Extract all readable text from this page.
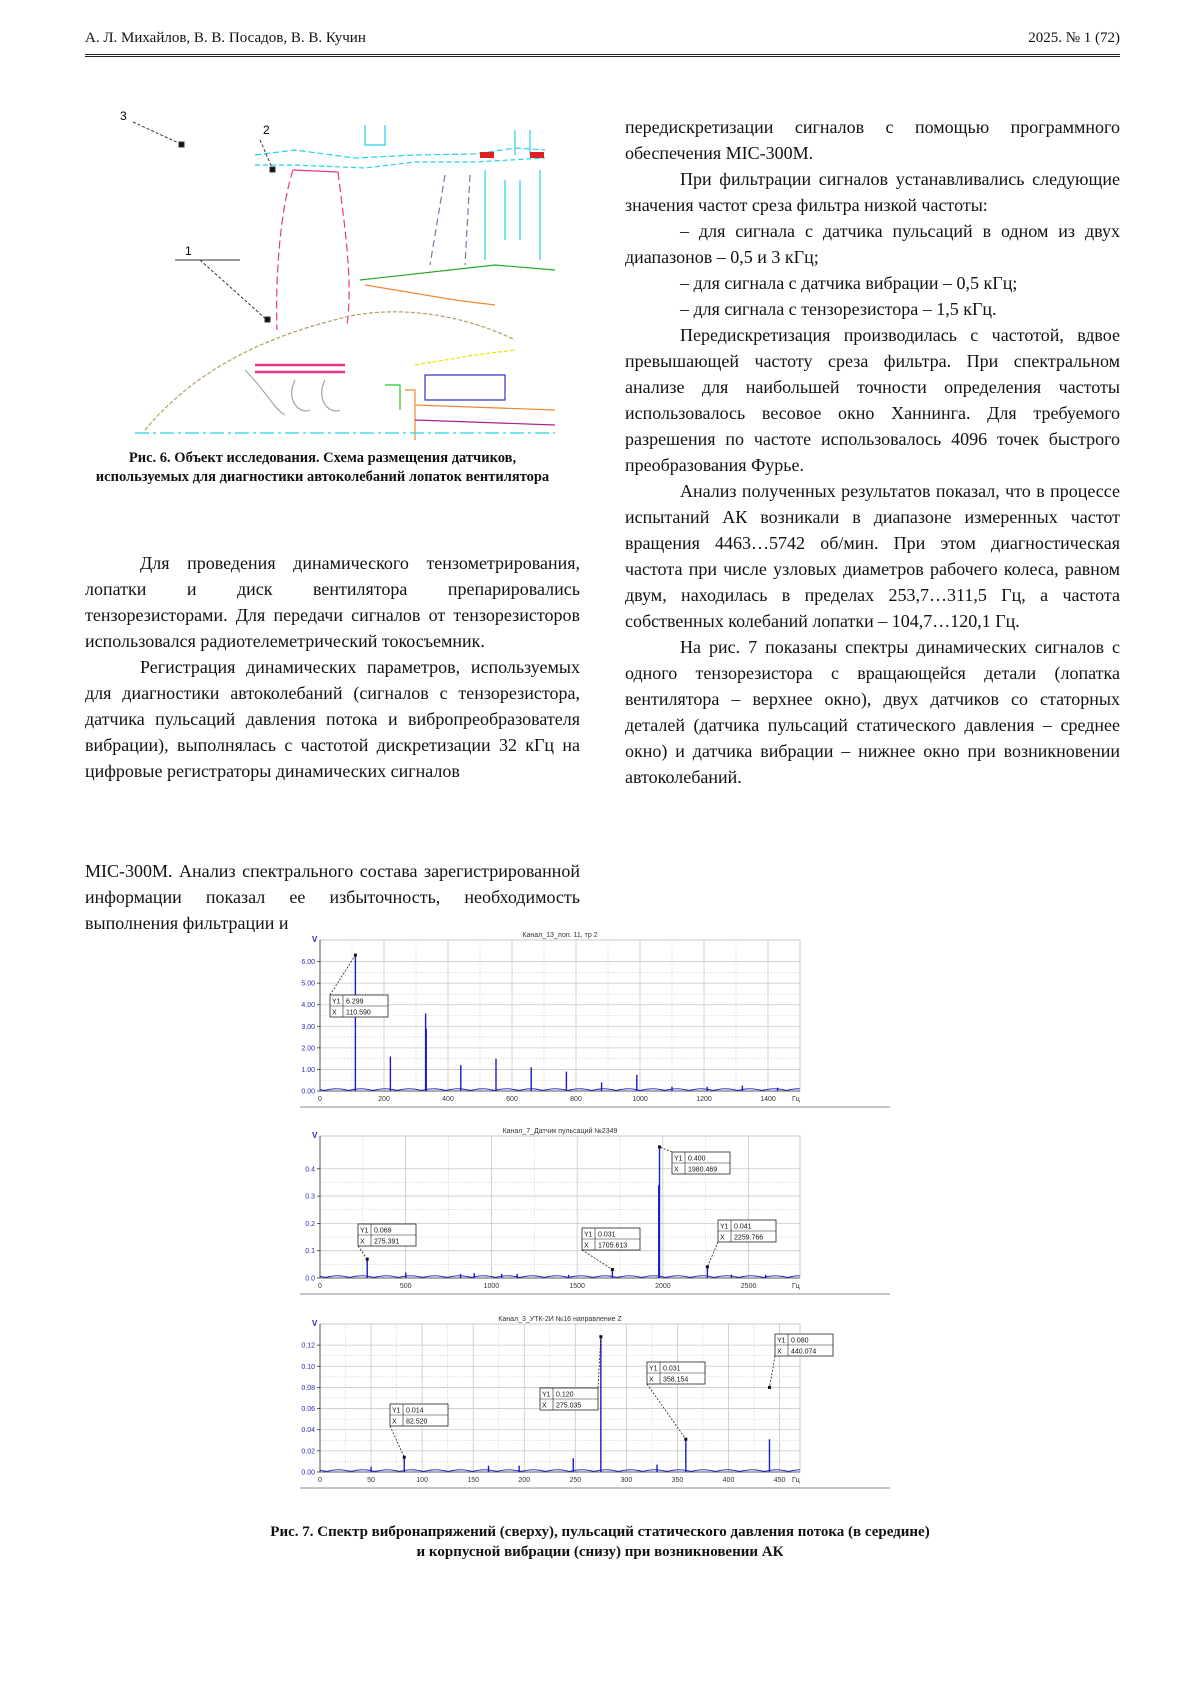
А. Л. Михайлов, В. В. Посадов, В. В. Кучин	2025. № 1 (72)
3
2
1
Рис. 6. Объект исследования. Схема размещения датчиков, используемых для диагностики автоколебаний лопаток вентилятора

Для проведения динамического тензометрирования, лопатки и диск вентилятора препарировались тензорезисторами. Для передачи сигналов от тензорезисторов использовался радиотелеметрический токосъемник.

Регистрация динамических параметров, используемых для диагностики автоколебаний (сигналов с тензорезистора, датчика пульсаций давления потока и вибропреобразователя вибрации), выполнялась с частотой дискретизации 32 кГц на цифровые регистраторы динамических сигналов

MIC-300M. Анализ спектрального состава зарегистрированной информации показал ее избыточность, необходимость выполнения фильтрации и

передискретизации сигналов с помощью программного обеспечения MIC-300M.

При фильтрации сигналов устанавливались следующие значения частот среза фильтра низкой частоты:

– для сигнала с датчика пульсаций в одном из двух диапазонов – 0,5 и 3 кГц;

– для сигнала с датчика вибрации – 0,5 кГц;

– для сигнала с тензорезистора – 1,5 кГц.

Передискретизация производилась с частотой, вдвое превышающей частоту среза фильтра. При спектральном анализе для наибольшей точности определения частоты использовалось весовое окно Ханнинга. Для требуемого разрешения по частоте использовалось 4096 точек быстрого преобразования Фурье.

Анализ полученных результатов показал, что в процессе испытаний АК возникали в диапазоне измеренных частот вращения 4463…5742 об/мин. При этом диагностическая частота при числе узловых диаметров рабочего колеса, равном двум, находилась в пределах 253,7…311,5 Гц, а частота собственных колебаний лопатки – 104,7…120,1 Гц.

На рис. 7 показаны спектры динамических сигналов с одного тензорезистора с вращающейся детали (лопатка вентилятора – верхнее окно), двух датчиков со статорных деталей (датчика пульсаций статического давления – среднее окно) и датчика вибрации – нижнее окно при возникновении автоколебаний.

Канал_13_лоп. 11, тр 2
0	200	400	600	800	1000	1200	1400 Гц
0.00
1.00
2.00
3.00
4.00
5.00
6.00
V
Y1 6.299
X 110.590
Канал_7_Датчик пульсаций №2349
0	500	1000	1500	2000	2500	Гц
0.0
0.1
0.2
0.3
0.4
V
Y1 0.069
X 275.391
Y1 0.031
X 1705.613
Y1 0.400
X 1980.469
Y1 0.041
X 2259.766
Канал_3_УТК-2И №16 направление Z
0	50	100	150	200	250	300	350	400	450 Гц
0.00
0.02
0.04
0.06
0.08
0.10
0.12
V
Y1 0.014
X 82.520
Y1 0.120
X 275.035
Y1 0.031
X 358.154
Y1 0.080
X 440.074
Рис. 7. Спектр вибронапряжений (сверху), пульсаций статического давления потока (в середине)
и корпусной вибрации (снизу) при возникновении АК
